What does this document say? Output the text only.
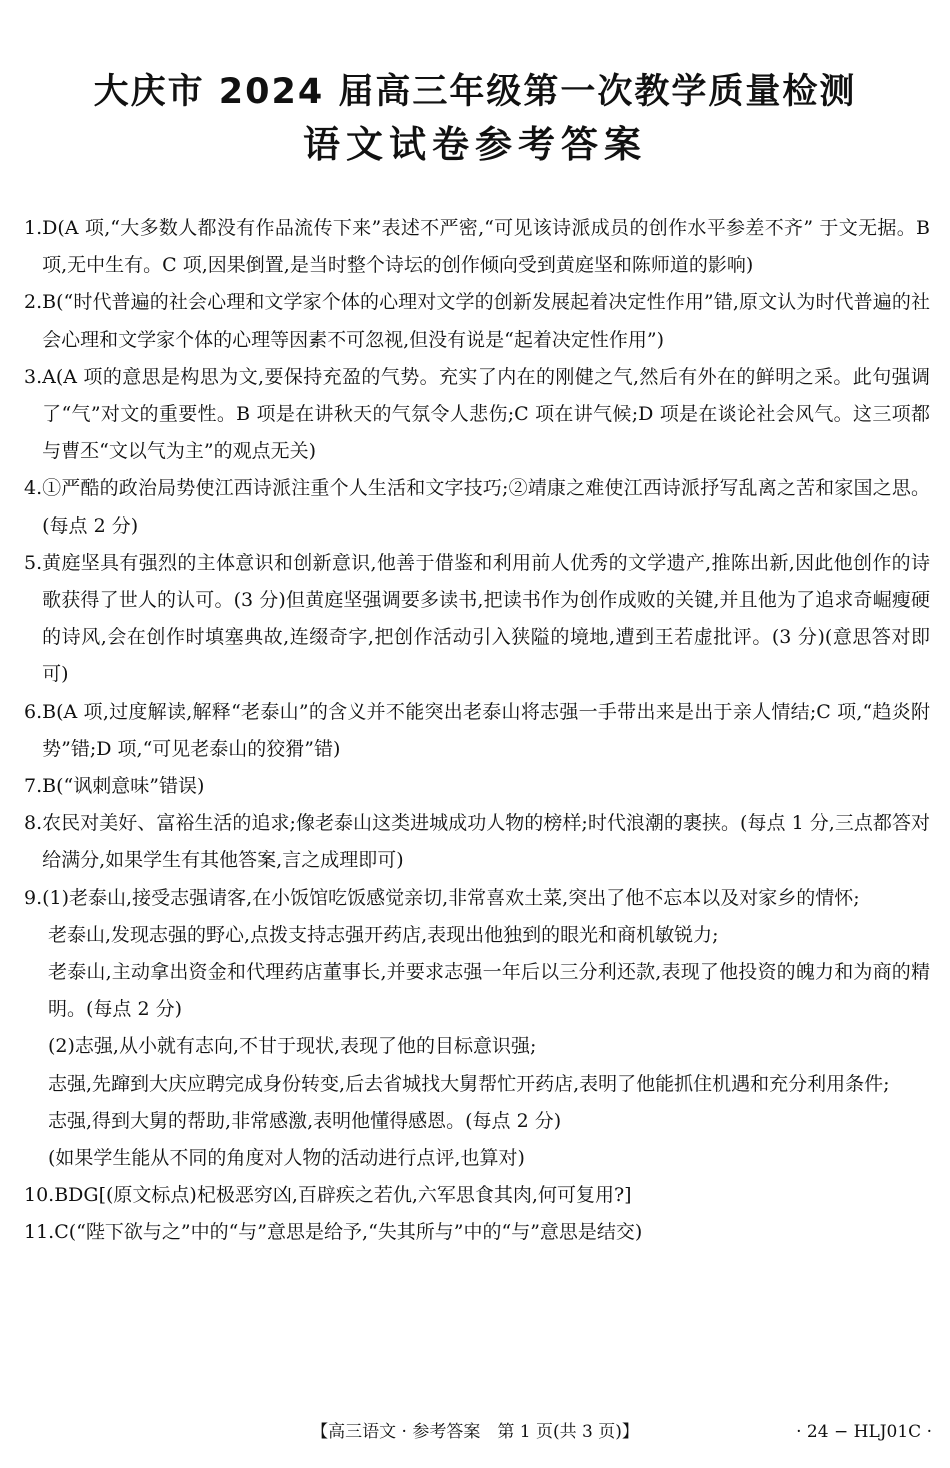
大庆市 2024 届高三年级第一次教学质量检测
语文试卷参考答案
1. D(A 项,“大多数人都没有作品流传下来”表述不严密,“可见该诗派成员的创作水平参差不齐” 于文无据。B 项,无中生有。C 项,因果倒置,是当时整个诗坛的创作倾向受到黄庭坚和陈师道的影响)
2. B(“时代普遍的社会心理和文学家个体的心理对文学的创新发展起着决定性作用”错,原文认为时代普遍的社会心理和文学家个体的心理等因素不可忽视,但没有说是“起着决定性作用”)
3. A(A 项的意思是构思为文,要保持充盈的气势。充实了内在的刚健之气,然后有外在的鲜明之采。此句强调了“气”对文的重要性。B 项是在讲秋天的气氛令人悲伤;C 项在讲气候;D 项是在谈论社会风气。这三项都与曹丕“文以气为主”的观点无关)
4. ①严酷的政治局势使江西诗派注重个人生活和文字技巧;②靖康之难使江西诗派抒写乱离之苦和家国之思。(每点 2 分)
5. 黄庭坚具有强烈的主体意识和创新意识,他善于借鉴和利用前人优秀的文学遗产,推陈出新,因此他创作的诗歌获得了世人的认可。(3 分)但黄庭坚强调要多读书,把读书作为创作成败的关键,并且他为了追求奇崛瘦硬的诗风,会在创作时填塞典故,连缀奇字,把创作活动引入狭隘的境地,遭到王若虚批评。(3 分)(意思答对即可)
6. B(A 项,过度解读,解释“老泰山”的含义并不能突出老泰山将志强一手带出来是出于亲人情结;C 项,“趋炎附势”错;D 项,“可见老泰山的狡猾”错)
7. B(“讽刺意味”错误)
8. 农民对美好、富裕生活的追求;像老泰山这类进城成功人物的榜样;时代浪潮的裹挟。(每点 1 分,三点都答对给满分,如果学生有其他答案,言之成理即可)
9. (1)老泰山,接受志强请客,在小饭馆吃饭感觉亲切,非常喜欢土菜,突出了他不忘本以及对家乡的情怀;
老泰山,发现志强的野心,点拨支持志强开药店,表现出他独到的眼光和商机敏锐力;
老泰山,主动拿出资金和代理药店董事长,并要求志强一年后以三分利还款,表现了他投资的魄力和为商的精明。(每点 2 分)
(2)志强,从小就有志向,不甘于现状,表现了他的目标意识强;
志强,先蹿到大庆应聘完成身份转变,后去省城找大舅帮忙开药店,表明了他能抓住机遇和充分利用条件;
志强,得到大舅的帮助,非常感激,表明他懂得感恩。(每点 2 分)
(如果学生能从不同的角度对人物的活动进行点评,也算对)
10. BDG[(原文标点)杞极恶穷凶,百辟疾之若仇,六军思食其肉,何可复用?]
11. C(“陛下欲与之”中的“与”意思是给予,“失其所与”中的“与”意思是结交)
【高三语文 · 参考答案　第 1 页(共 3 页)】	· 24 − HLJ01C ·
